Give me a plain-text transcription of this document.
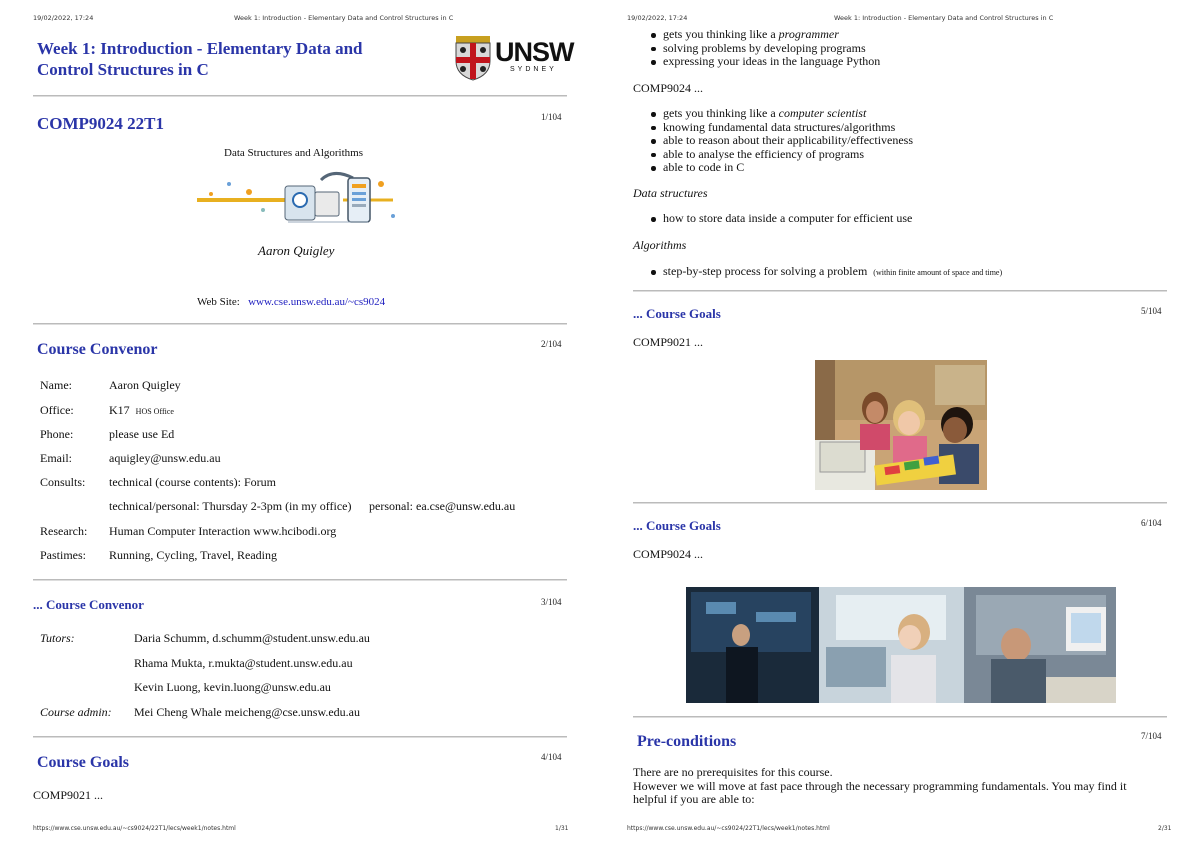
19/02/2022, 17:24	Week 1: Introduction - Elementary Data and Control Structures in C
Week 1: Introduction - Elementary Data and
Control Structures in C
UNSW
SYDNEY
COMP9024 22T1	1/104
Data Structures and Algorithms
Aaron Quigley
Web Site: www.cse.unsw.edu.au/~cs9024
Course Convenor	2/104
Name:	Aaron Quigley
Office:	K17 HOS Office
Phone:	please use Ed
Email:	aquigley@unsw.edu.au
Consults: technical (course contents): Forum
technical/personal: Thursday 2-3pm (in my office) personal: ea.cse@unsw.edu.au
Research: Human Computer Interaction www.hcibodi.org
Pastimes: Running, Cycling, Travel, Reading
... Course Convenor	3/104
Tutors:	Daria Schumm, d.schumm@student.unsw.edu.au
Rhama Mukta, r.mukta@student.unsw.edu.au
Kevin Luong, kevin.luong@unsw.edu.au
Course admin: Mei Cheng Whale meicheng@cse.unsw.edu.au
Course Goals	4/104
COMP9021 ...
https://www.cse.unsw.edu.au/~cs9024/22T1/lecs/week1/notes.html	1/31
19/02/2022, 17:24	Week 1: Introduction - Elementary Data and Control Structures in C
gets you thinking like a programmer
solving problems by developing programs
expressing your ideas in the language Python
COMP9024 ...
gets you thinking like a computer scientist
knowing fundamental data structures/algorithms
able to reason about their applicability/effectiveness
able to analyse the efficiency of programs
able to code in C
Data structures
how to store data inside a computer for efficient use
Algorithms
step-by-step process for solving a problem (within finite amount of space and time)
... Course Goals	5/104
COMP9021 ...
... Course Goals	6/104
COMP9024 ...
Pre-conditions	7/104
There are no prerequisites for this course.
However we will move at fast pace through the necessary programming fundamentals. You may find it
helpful if you are able to:
https://www.cse.unsw.edu.au/~cs9024/22T1/lecs/week1/notes.html	2/31
